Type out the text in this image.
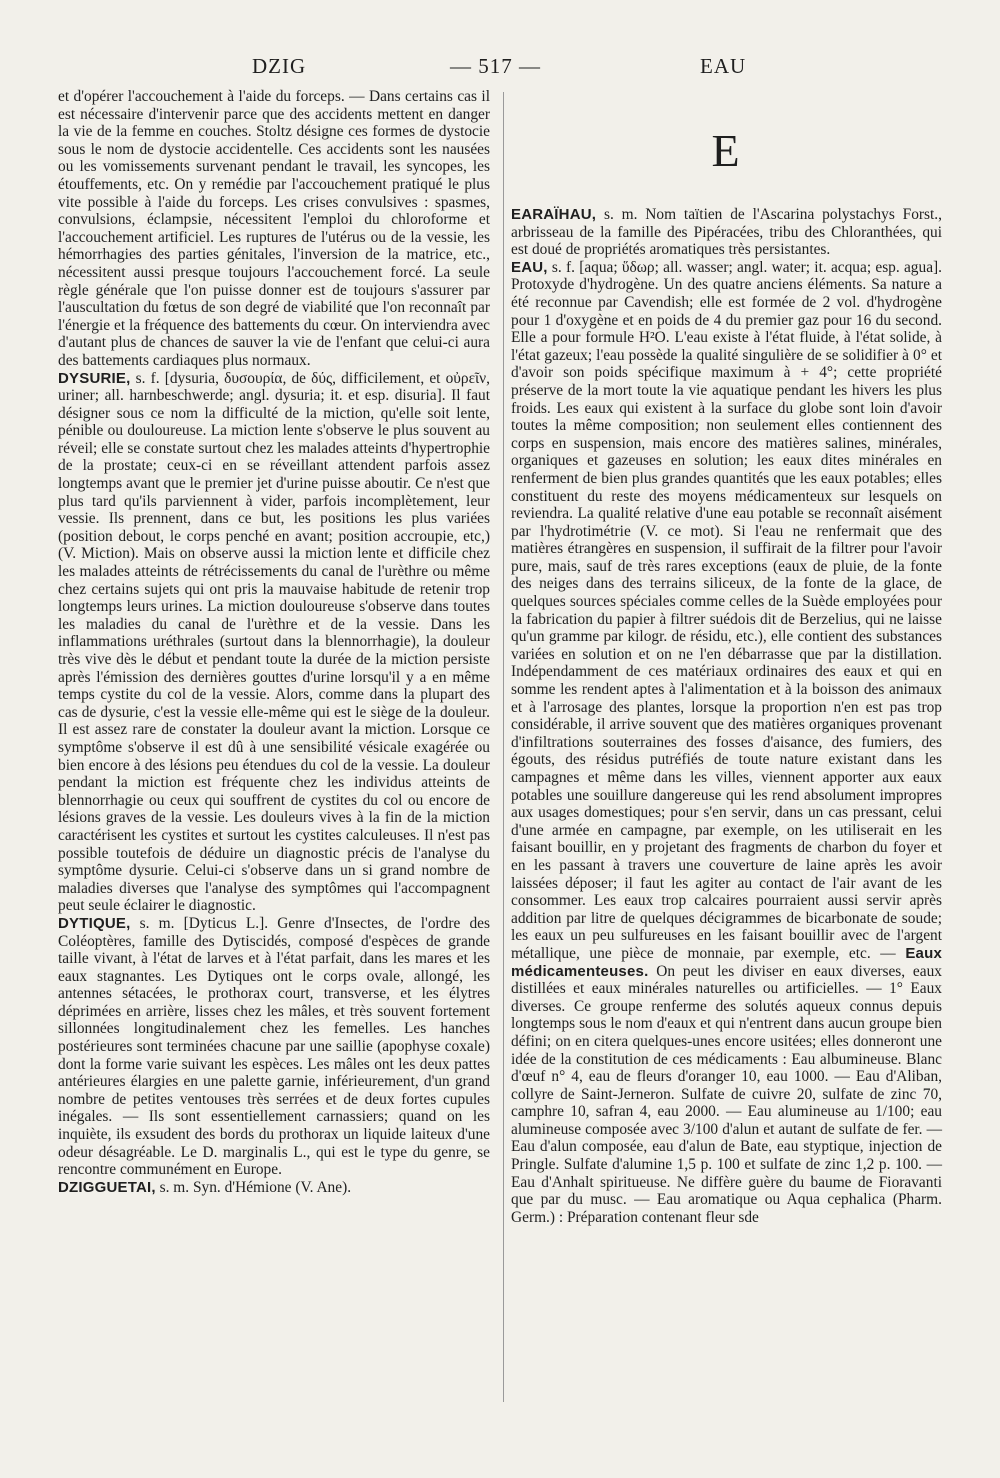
DZIG	— 517 —	EAU

et d'opérer l'accouchement à l'aide du forceps. — Dans certains cas il est nécessaire d'intervenir parce que des accidents mettent en danger la vie de la femme en couches. Stoltz désigne ces formes de dystocie sous le nom de dystocie accidentelle. Ces accidents sont les nausées ou les vomissements survenant pendant le travail, les syncopes, les étouffements, etc. On y remédie par l'accouchement pratiqué le plus vite possible à l'aide du forceps. Les crises convulsives : spasmes, convulsions, éclampsie, nécessitent l'emploi du chloroforme et l'accouchement artificiel. Les ruptures de l'utérus ou de la vessie, les hémorrhagies des parties génitales, l'inversion de la matrice, etc., nécessitent aussi presque toujours l'accouchement forcé. La seule règle générale que l'on puisse donner est de toujours s'assurer par l'auscultation du fœtus de son degré de viabilité que l'on reconnaît par l'énergie et la fréquence des battements du cœur. On interviendra avec d'autant plus de chances de sauver la vie de l'enfant que celui-ci aura des battements cardiaques plus normaux.

DYSURIE, s. f. [dysuria, δυσουρία, de δύς, difficilement, et οὐρεῖν, uriner; all. harnbeschwerde; angl. dysuria; it. et esp. disuria]. Il faut désigner sous ce nom la difficulté de la miction, qu'elle soit lente, pénible ou douloureuse. La miction lente s'observe le plus souvent au réveil; elle se constate surtout chez les malades atteints d'hypertrophie de la prostate; ceux-ci en se réveillant attendent parfois assez longtemps avant que le premier jet d'urine puisse aboutir. Ce n'est que plus tard qu'ils parviennent à vider, parfois incomplètement, leur vessie. Ils prennent, dans ce but, les positions les plus variées (position debout, le corps penché en avant; position accroupie, etc,) (V. Miction). Mais on observe aussi la miction lente et difficile chez les malades atteints de rétrécissements du canal de l'urèthre ou même chez certains sujets qui ont pris la mauvaise habitude de retenir trop longtemps leurs urines. La miction douloureuse s'observe dans toutes les maladies du canal de l'urèthre et de la vessie. Dans les inflammations uréthrales (surtout dans la blennorrhagie), la douleur très vive dès le début et pendant toute la durée de la miction persiste après l'émission des dernières gouttes d'urine lorsqu'il y a en même temps cystite du col de la vessie. Alors, comme dans la plupart des cas de dysurie, c'est la vessie elle-même qui est le siège de la douleur. Il est assez rare de constater la douleur avant la miction. Lorsque ce symptôme s'observe il est dû à une sensibilité vésicale exagérée ou bien encore à des lésions peu étendues du col de la vessie. La douleur pendant la miction est fréquente chez les individus atteints de blennorrhagie ou ceux qui souffrent de cystites du col ou encore de lésions graves de la vessie. Les douleurs vives à la fin de la miction caractérisent les cystites et surtout les cystites calculeuses. Il n'est pas possible toutefois de déduire un diagnostic précis de l'analyse du symptôme dysurie. Celui-ci s'observe dans un si grand nombre de maladies diverses que l'analyse des symptômes qui l'accompagnent peut seule éclairer le diagnostic.

DYTIQUE, s. m. [Dyticus L.]. Genre d'Insectes, de l'ordre des Coléoptères, famille des Dytiscidés, composé d'espèces de grande taille vivant, à l'état de larves et à l'état parfait, dans les mares et les eaux stagnantes. Les Dytiques ont le corps ovale, allongé, les antennes sétacées, le prothorax court, transverse, et les élytres déprimées en arrière, lisses chez les mâles, et très souvent fortement sillonnées longitudinalement chez les femelles. Les hanches postérieures sont terminées chacune par une saillie (apophyse coxale) dont la forme varie suivant les espèces. Les mâles ont les deux pattes antérieures élargies en une palette garnie, inférieurement, d'un grand nombre de petites ventouses très serrées et de deux fortes cupules inégales. — Ils sont essentiellement carnassiers; quand on les inquiète, ils exsudent des bords du prothorax un liquide laiteux d'une odeur désagréable. Le D. marginalis L., qui est le type du genre, se rencontre communément en Europe.

DZIGGUETAI, s. m. Syn. d'Hémione (V. Ane).

E

EARAÏHAU, s. m. Nom taïtien de l'Ascarina polystachys Forst., arbrisseau de la famille des Pipéracées, tribu des Chloranthées, qui est doué de propriétés aromatiques très persistantes.

EAU, s. f. [aqua; ὕδωρ; all. wasser; angl. water; it. acqua; esp. agua]. Protoxyde d'hydrogène. Un des quatre anciens éléments. Sa nature a été reconnue par Cavendish; elle est formée de 2 vol. d'hydrogène pour 1 d'oxygène et en poids de 4 du premier gaz pour 16 du second. Elle a pour formule H²O. L'eau existe à l'état fluide, à l'état solide, à l'état gazeux; l'eau possède la qualité singulière de se solidifier à 0° et d'avoir son poids spécifique maximum à + 4°; cette propriété préserve de la mort toute la vie aquatique pendant les hivers les plus froids. Les eaux qui existent à la surface du globe sont loin d'avoir toutes la même composition; non seulement elles contiennent des corps en suspension, mais encore des matières salines, minérales, organiques et gazeuses en solution; les eaux dites minérales en renferment de bien plus grandes quantités que les eaux potables; elles constituent du reste des moyens médicamenteux sur lesquels on reviendra. La qualité relative d'une eau potable se reconnaît aisément par l'hydrotimétrie (V. ce mot). Si l'eau ne renfermait que des matières étrangères en suspension, il suffirait de la filtrer pour l'avoir pure, mais, sauf de très rares exceptions (eaux de pluie, de la fonte des neiges dans des terrains siliceux, de la fonte de la glace, de quelques sources spéciales comme celles de la Suède employées pour la fabrication du papier à filtrer suédois dit de Berzelius, qui ne laisse qu'un gramme par kilogr. de résidu, etc.), elle contient des substances variées en solution et on ne l'en débarrasse que par la distillation. Indépendamment de ces matériaux ordinaires des eaux et qui en somme les rendent aptes à l'alimentation et à la boisson des animaux et à l'arrosage des plantes, lorsque la proportion n'en est pas trop considérable, il arrive souvent que des matières organiques provenant d'infiltrations souterraines des fosses d'aisance, des fumiers, des égouts, des résidus putréfiés de toute nature existant dans les campagnes et même dans les villes, viennent apporter aux eaux potables une souillure dangereuse qui les rend absolument impropres aux usages domestiques; pour s'en servir, dans un cas pressant, celui d'une armée en campagne, par exemple, on les utiliserait en les faisant bouillir, en y projetant des fragments de charbon du foyer et en les passant à travers une couverture de laine après les avoir laissées déposer; il faut les agiter au contact de l'air avant de les consommer. Les eaux trop calcaires pourraient aussi servir après addition par litre de quelques décigrammes de bicarbonate de soude; les eaux un peu sulfureuses en les faisant bouillir avec de l'argent métallique, une pièce de monnaie, par exemple, etc. — Eaux médicamenteuses. On peut les diviser en eaux diverses, eaux distillées et eaux minérales naturelles ou artificielles. — 1° Eaux diverses. Ce groupe renferme des solutés aqueux connus depuis longtemps sous le nom d'eaux et qui n'entrent dans aucun groupe bien défini; on en citera quelques-unes encore usitées; elles donneront une idée de la constitution de ces médicaments : Eau albumineuse. Blanc d'œuf n° 4, eau de fleurs d'oranger 10, eau 1000. — Eau d'Aliban, collyre de Saint-Jerneron. Sulfate de cuivre 20, sulfate de zinc 70, camphre 10, safran 4, eau 2000. — Eau alumineuse au 1/100; eau alumineuse composée avec 3/100 d'alun et autant de sulfate de fer. — Eau d'alun composée, eau d'alun de Bate, eau styptique, injection de Pringle. Sulfate d'alumine 1,5 p. 100 et sulfate de zinc 1,2 p. 100. — Eau d'Anhalt spiritueuse. Ne diffère guère du baume de Fioravanti que par du musc. — Eau aromatique ou Aqua cephalica (Pharm. Germ.) : Préparation contenant fleur sde
